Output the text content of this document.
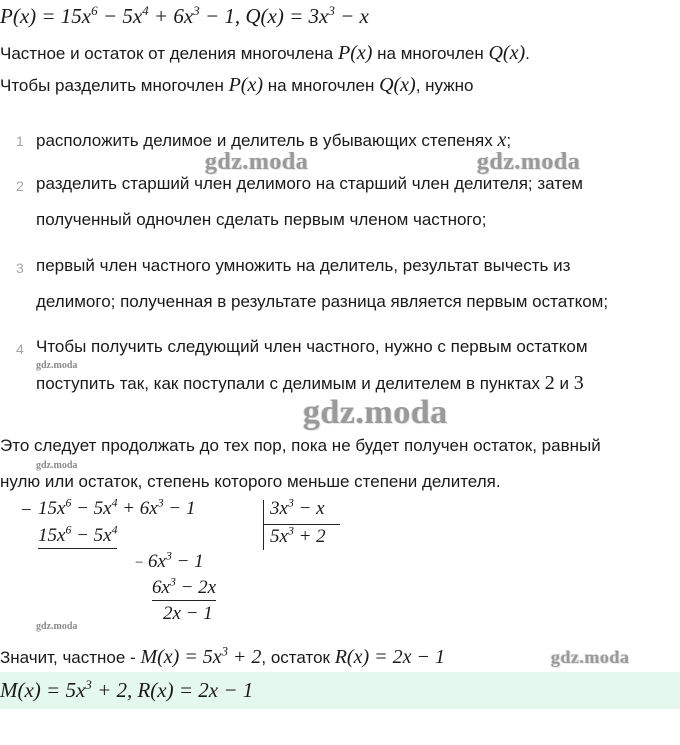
$P(x) = 15x^6 - 5x^4 + 6x^3 - 1$, $Q(x) = 3x^3 - x$
Частное и остаток от деления многочлена P(x) на многочлен Q(x).
Чтобы разделить многочлен P(x) на многочлен Q(x), нужно
1 расположить делимое и делитель в убывающих степенях x;
2 разделить старший член делимого на старший член делителя; затем
полученный одночлен сделать первым членом частного;
3 первый член частного умножить на делитель, результат вычесть из
делимого; полученная в результате разница является первым остатком;
4 Чтобы получить следующий член частного, нужно с первым остатком
поступить так, как поступали с делимым и делителем в пунктах 2 и 3
Это следует продолжать до тех пор, пока не будет получен остаток, равный
нулю или остаток, степень которого меньше степени делителя.
− $15x^6 - 5x^4 + 6x^3 - 1$
$15x^6 - 5x^4$
− $6x^3 - 1$
$6x^3 - 2x$
2x − 1
$3x^3 - x$
$5x^3 + 2$
Значит, частное - $M(x) = 5x^3 + 2$, остаток R(x) = 2x − 1
$M(x) = 5x^3 + 2$, R(x) = 2x − 1
gdz.moda	gdz.moda
gdz.moda
gdz.moda
gdz.moda
gdz.moda
gdz.moda
